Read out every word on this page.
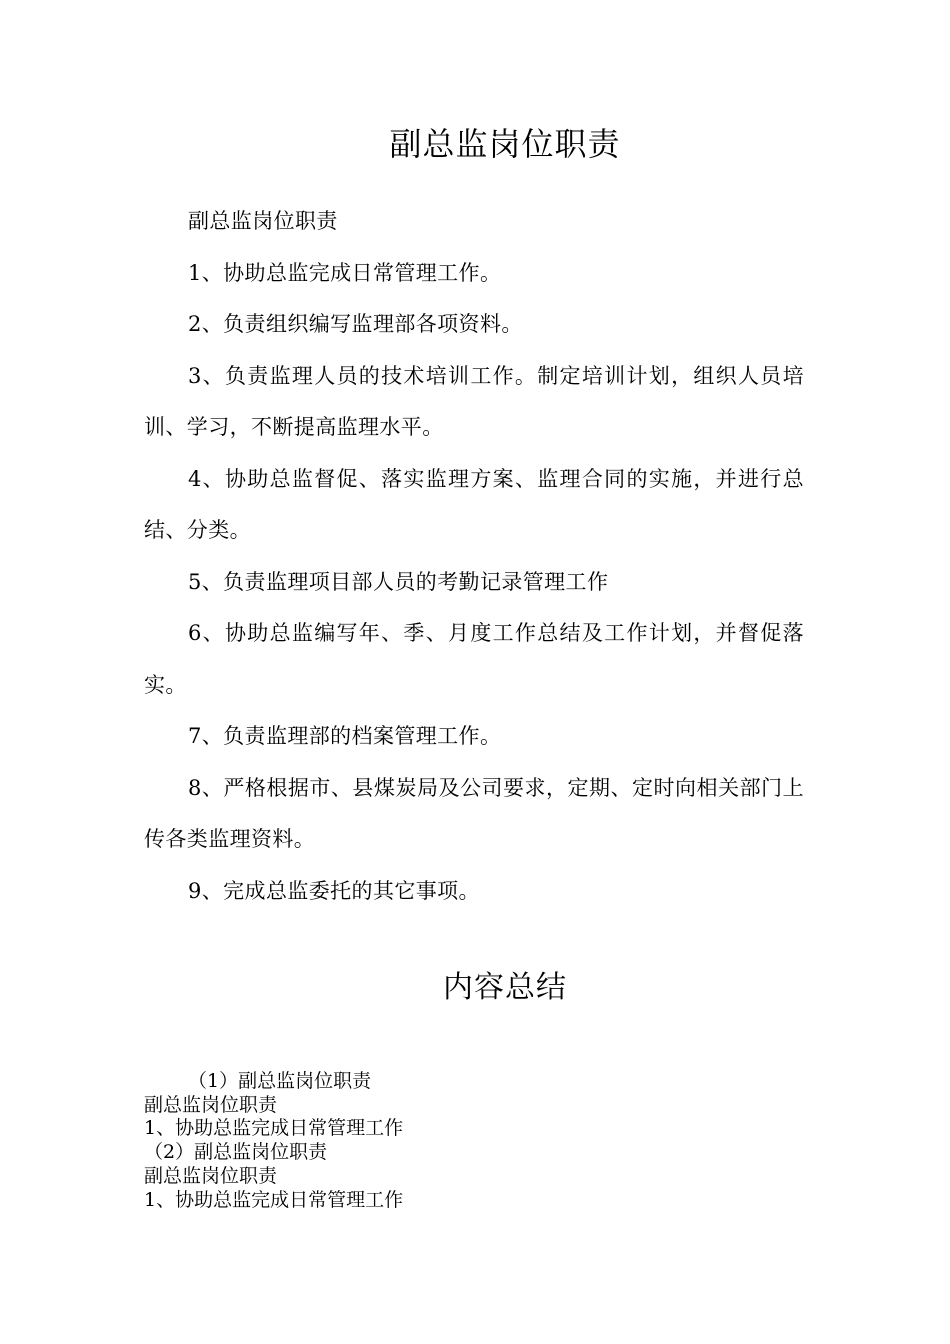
副总监岗位职责

副总监岗位职责

1、协助总监完成日常管理工作。

2、负责组织编写监理部各项资料。

3、负责监理人员的技术培训工作。制定培训计划，组织人员培训、学习，不断提高监理水平。

4、协助总监督促、落实监理方案、监理合同的实施，并进行总结、分类。

5、负责监理项目部人员的考勤记录管理工作

6、协助总监编写年、季、月度工作总结及工作计划，并督促落实。

7、负责监理部的档案管理工作。

8、严格根据市、县煤炭局及公司要求，定期、定时向相关部门上传各类监理资料。

9、完成总监委托的其它事项。

内容总结
（1）副总监岗位职责
副总监岗位职责
1、协助总监完成日常管理工作
（2）副总监岗位职责
副总监岗位职责
1、协助总监完成日常管理工作
